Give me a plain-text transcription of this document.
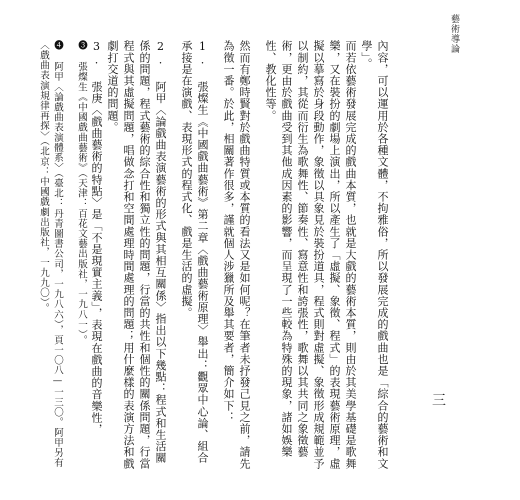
藝術導論
內容，可以運用於各種文體，不拘雅俗，所以發展完成的戲曲也是「綜合的藝術和文學」。
而若依藝術發展完成的戲曲本質，也就是大戲的藝術本質，則由於其美學基礎是歌舞樂，又在裝扮的劇場上演出，所以產生了「虛擬、象徵、程式」的表現藝術原理，虛擬以摹寫於身段動作，象徵以具象見於裝扮道具，程式則對虛擬、象徵形成規範並予以制約，其從而衍生為歌舞性、節奏性、寫意性和誇張性，歌舞以其共同之象徵藝術，更由於戲曲受到其他成因素的影響，而呈現了一些較為特殊的現象，諸如娛樂性、教化性等。
然而有鄭時賢對於戲曲特質或本質的看法又是如何呢？在筆者未抒發己見之前，請先為徵一番。於此，相關著作很多，謹就個人涉獵所及舉其要者，簡介如下：
1. 張燦生《中國戲曲藝術》第二章〈戲曲藝術原理〉舉出：觀眾中心論、組合承接是在演戲、表現形式的程式化、戲是生活的虛擬。
2. 阿甲〈論戲曲表演藝術的形式與其相互關係〉指出以下幾點：程式和生活關係的問題，程式藝術的綜合性和獨立性的問題，行當的共性和個性的關係問題，行當程式與其虛擬問題，唱做念打和空間處理時間處理的問題；用什麼樣的表演方法和戲劇打交道的問題。
3. 張庚〈戲曲藝術的特點〉是「不是現實主義」，表現在戲曲的音樂性，
❸ 張燦生《中國戲曲藝術》（天津：百花文藝出版社，一九八一）。
❹ 阿甲〈論戲曲表演體系〉（臺北：丹青圖書公司，一九八六），頁一〇八—一三〇。阿甲另有〈戲曲表演規律再探〉（北京：中國戲劇出版社，一九九〇）。
三
